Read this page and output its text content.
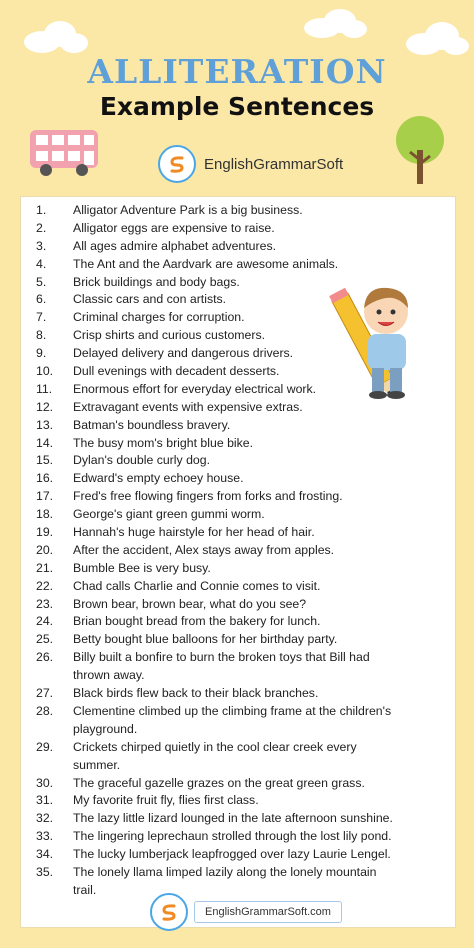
ALLITERATION
Example Sentences
EnglishGrammarSoft
1. Alligator Adventure Park is a big business.
2. Alligator eggs are expensive to raise.
3. All ages admire alphabet adventures.
4. The Ant and the Aardvark are awesome animals.
5. Brick buildings and body bags.
6. Classic cars and con artists.
7. Criminal charges for corruption.
8. Crisp shirts and curious customers.
9. Delayed delivery and dangerous drivers.
10. Dull evenings with decadent desserts.
11. Enormous effort for everyday electrical work.
12. Extravagant events with expensive extras.
13. Batman's boundless bravery.
14. The busy mom's bright blue bike.
15. Dylan's double curly dog.
16. Edward's empty echoey house.
17. Fred's free flowing fingers from forks and frosting.
18. George's giant green gummi worm.
19. Hannah's huge hairstyle for her head of hair.
20. After the accident, Alex stays away from apples.
21. Bumble Bee is very busy.
22. Chad calls Charlie and Connie comes to visit.
23. Brown bear, brown bear, what do you see?
24. Brian bought bread from the bakery for lunch.
25. Betty bought blue balloons for her birthday party.
26. Billy built a bonfire to burn the broken toys that Bill had
thrown away.
27. Black birds flew back to their black branches.
28. Clementine climbed up the climbing frame at the children's
playground.
29. Crickets chirped quietly in the cool clear creek every
summer.
30. The graceful gazelle grazes on the great green grass.
31. My favorite fruit fly, flies first class.
32. The lazy little lizard lounged in the late afternoon sunshine.
33. The lingering leprechaun strolled through the lost lily pond.
34. The lucky lumberjack leapfrogged over lazy Laurie Lengel.
35. The lonely llama limped lazily along the lonely mountain
trail.
EnglishGrammarSoft.com
